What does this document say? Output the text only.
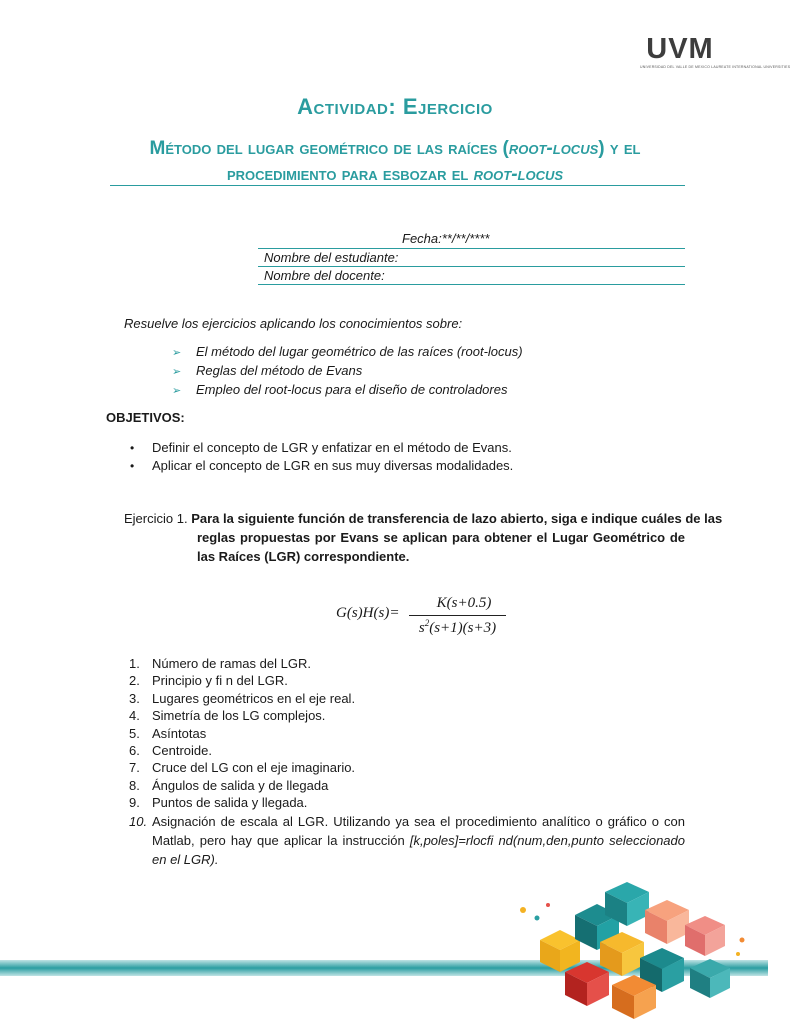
UVM
UNIVERSIDAD DEL VALLE DE MEXICO LAUREATE INTERNATIONAL UNIVERSITIES
Actividad: Ejercicio
Método del lugar geométrico de las raíces (root-locus) y el procedimiento para esbozar el root-locus
Fecha:**/**/****
Nombre del estudiante:
Nombre del docente:
Resuelve los ejercicios aplicando los conocimientos sobre:
➢ El método del lugar geométrico de las raíces (root-locus)
➢ Reglas del método de Evans
➢ Empleo del root-locus para el diseño de controladores
OBJETIVOS:
• Definir el concepto de LGR y enfatizar en el método de Evans.
• Aplicar el concepto de LGR en sus muy diversas modalidades.
Ejercicio 1. Para la siguiente función de transferencia de lazo abierto, siga e indique cuáles de las
reglas propuestas por Evans se aplican para obtener el Lugar Geométrico de las Raíces (LGR) correspondiente.
G(s)H(s)=
K(s+0.5)
$s^2(s+1)(s+3)$
1. Número de ramas del LGR.
2. Principio y fi n del LGR.
3. Lugares geométricos en el eje real.
4. Simetría de los LG complejos.
5. Asíntotas
6. Centroide.
7. Cruce del LG con el eje imaginario.
8. Ángulos de salida y de llegada
9. Puntos de salida y llegada.
10. Asignación de escala al LGR. Utilizando ya sea el procedimiento analítico o gráfico o con Matlab, pero hay que aplicar la instrucción [k,poles]=rlocfi nd(num,den,punto seleccionado en el LGR).
